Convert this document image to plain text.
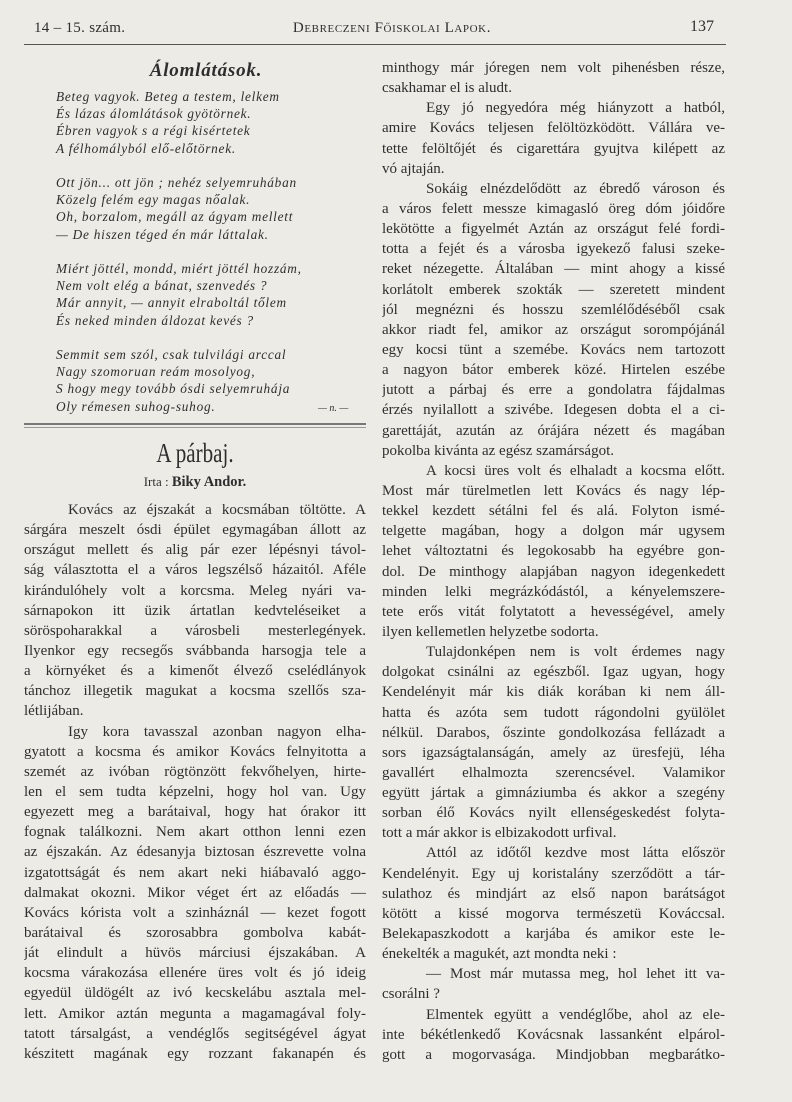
14 – 15. szám.	Debreczeni Főiskolai Lapok.	137
Álomlátások.
Beteg vagyok. Beteg a testem, lelkem
És lázas álomlátások gyötörnek.
Ébren vagyok s a régi kisértetek
A félhomályból elő-előtörnek.
Ott jön... ott jön ; nehéz selyemruhában
Közelg felém egy magas nőalak.
Oh, borzalom, megáll az ágyam mellett
— De hiszen téged én már láttalak.
Miért jöttél, mondd, miért jöttél hozzám,
Nem volt elég a bánat, szenvedés ?
Már annyit, — annyit elraboltál tőlem
És neked minden áldozat kevés ?
Semmit sem szól, csak tulvilági arccal
Nagy szomoruan reám mosolyog,
S hogy megy tovább ósdi selyemruhája
Oly rémesen suhog-suhog.	— n. —
A párbaj.
Irta : Biky Andor.
Kovács az éjszakát a kocsmában töltötte. A
sárgára meszelt ósdi épület egymagában állott az
országut mellett és alig pár ezer lépésnyi távol-
ság választotta el a város legszélső házaitól. Aféle
kirándulóhely volt a korcsma. Meleg nyári va-
sárnapokon itt üzik ártatlan kedvteléseiket a
söröspoharakkal a városbeli mesterlegények.
Ilyenkor egy recsegős svábbanda harsogja tele a
a környéket és a kimenőt élvező cselédlányok
tánchoz illegetik magukat a kocsma szellős sza-
létlijában.
Igy kora tavasszal azonban nagyon elha-
gyatott a kocsma és amikor Kovács felnyitotta a
szemét az ivóban rögtönzött fekvőhelyen, hirte-
len el sem tudta képzelni, hogy hol van. Ugy
egyezett meg a barátaival, hogy hat órakor itt
fognak találkozni. Nem akart otthon lenni ezen
az éjszakán. Az édesanyja biztosan észrevette volna
izgatottságát és nem akart neki hiábavaló aggo-
dalmakat okozni. Mikor véget ért az előadás —
Kovács kórista volt a szinháznál — kezet fogott
barátaival és szorosabbra gombolva kabát-
ját elindult a hüvös márciusi éjszakában. A
kocsma várakozása ellenére üres volt és jó ideig
egyedül üldögélt az ivó kecskelábu asztala mel-
lett. Amikor aztán megunta a magamagával foly-
tatott társalgást, a vendéglős segitségével ágyat
készitett magának egy rozzant fakanapén és
minthogy már jóregen nem volt pihenésben része,
csakhamar el is aludt.
Egy jó negyedóra még hiányzott a hatból,
amire Kovács teljesen felöltözködött. Vállára ve-
tette felöltőjét és cigarettára gyujtva kilépett az
vó ajtaján.
Sokáig elnézdelődött az ébredő városon és
a város felett messze kimagasló öreg dóm jóidőre
lekötötte a figyelmét Aztán az országut felé fordi-
totta a fejét és a városba igyekező falusi szeke-
reket nézegette. Általában — mint ahogy a kissé
korlátolt emberek szokták — szeretett mindent
jól megnézni és hosszu szemlélődéséből csak
akkor riadt fel, amikor az országut sorompójánál
egy kocsi tünt a szemébe. Kovács nem tartozott
a nagyon bátor emberek közé. Hirtelen eszébe
jutott a párbaj és erre a gondolatra fájdalmas
érzés nyilallott a szivébe. Idegesen dobta el a ci-
garettáját, azután az órájára nézett és magában
pokolba kivánta az egész szamárságot.
A kocsi üres volt és elhaladt a kocsma előtt.
Most már türelmetlen lett Kovács és nagy lép-
tekkel kezdett sétálni fel és alá. Folyton ismé-
telgette magában, hogy a dolgon már ugysem
lehet változtatni és legokosabb ha egyébre gon-
dol. De minthogy alapjában nagyon idegenkedett
minden lelki megrázkódástól, a kényelemszere-
tete erős vitát folytatott a hevességével, amely
ilyen kellemetlen helyzetbe sodorta.
Tulajdonképen nem is volt érdemes nagy
dolgokat csinálni az egészből. Igaz ugyan, hogy
Kendelényit már kis diák korában ki nem áll-
hatta és azóta sem tudott rágondolni gyülölet
nélkül. Darabos, őszinte gondolkozása fellázadt a
sors igazságtalanságán, amely az üresfejü, léha
gavallért elhalmozta szerencsével. Valamikor
együtt jártak a gimnáziumba és akkor a szegény
sorban élő Kovács nyilt ellenségeskedést folyta-
tott a már akkor is elbizakodott urfival.
Attól az időtől kezdve most látta először
Kendelényit. Egy uj koristalány szerződött a tár-
sulathoz és mindjárt az első napon barátságot
kötött a kissé mogorva természetü Kováccsal.
Belekapaszkodott a karjába és amikor este le-
énekelték a magukét, azt mondta neki :
— Most már mutassa meg, hol lehet itt va-
csorálni ?
Elmentek együtt a vendéglőbe, ahol az ele-
inte békétlenkedő Kovácsnak lassanként elpárol-
gott a mogorvasága. Mindjobban megbarátko-
